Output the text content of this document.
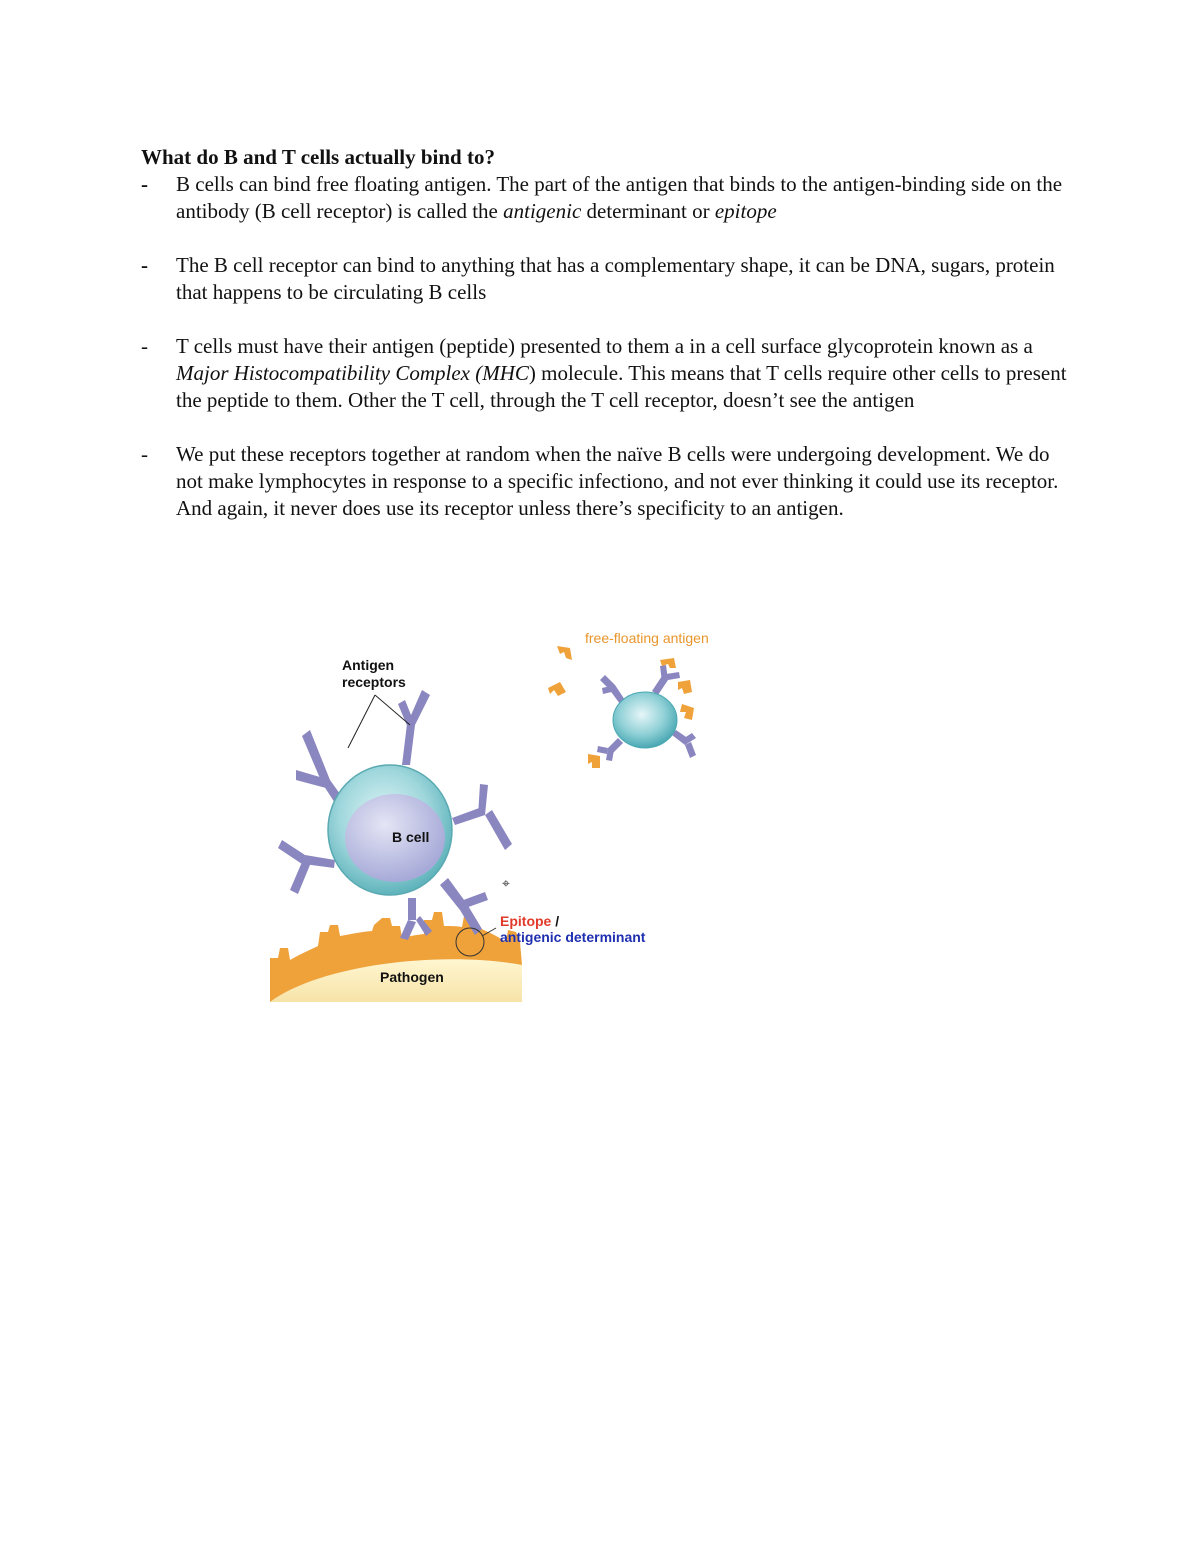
What do B and T cells actually bind to?
-	B cells can bind free floating antigen. The part of the antigen that binds to the antigen-binding side on the antibody (B cell receptor) is called the antigenic determinant or epitope
-	The B cell receptor can bind to anything that has a complementary shape, it can be DNA, sugars, protein that happens to be circulating B cells
-	T cells must have their antigen (peptide) presented to them a in a cell surface glycoprotein known as a Major Histocompatibility Complex (MHC) molecule. This means that T cells require other cells to present the peptide to them. Other the T cell, through the T cell receptor, doesn’t see the antigen
-	We put these receptors together at random when the naïve B cells were undergoing development. We do not make lymphocytes in response to a specific infectiono, and not ever thinking it could use its receptor. And again, it never does use its receptor unless there’s specificity to an antigen.
Pathogen
B cell
Antigen
receptors
Epitope /
antigenic determinant
⌖
free-floating antigen
